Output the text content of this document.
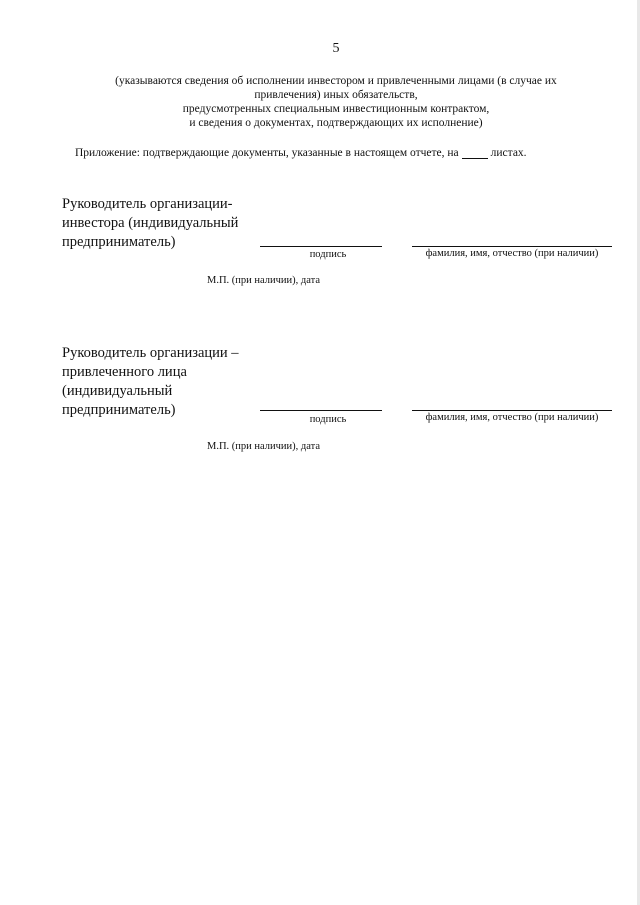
5
(указываются сведения об исполнении инвестором и привлеченными лицами (в случае их
привлечения) иных обязательств,
предусмотренных специальным инвестиционным контрактом,
и сведения о документах, подтверждающих их исполнение)
Приложение: подтверждающие документы, указанные в настоящем отчете, на	листах.
Руководитель организации-
инвестора (индивидуальный
предприниматель)
подпись	фамилия, имя, отчество (при наличии)
М.П. (при наличии), дата
Руководитель организации –
привлеченного лица
(индивидуальный
предприниматель)
подпись	фамилия, имя, отчество (при наличии)
М.П. (при наличии), дата
